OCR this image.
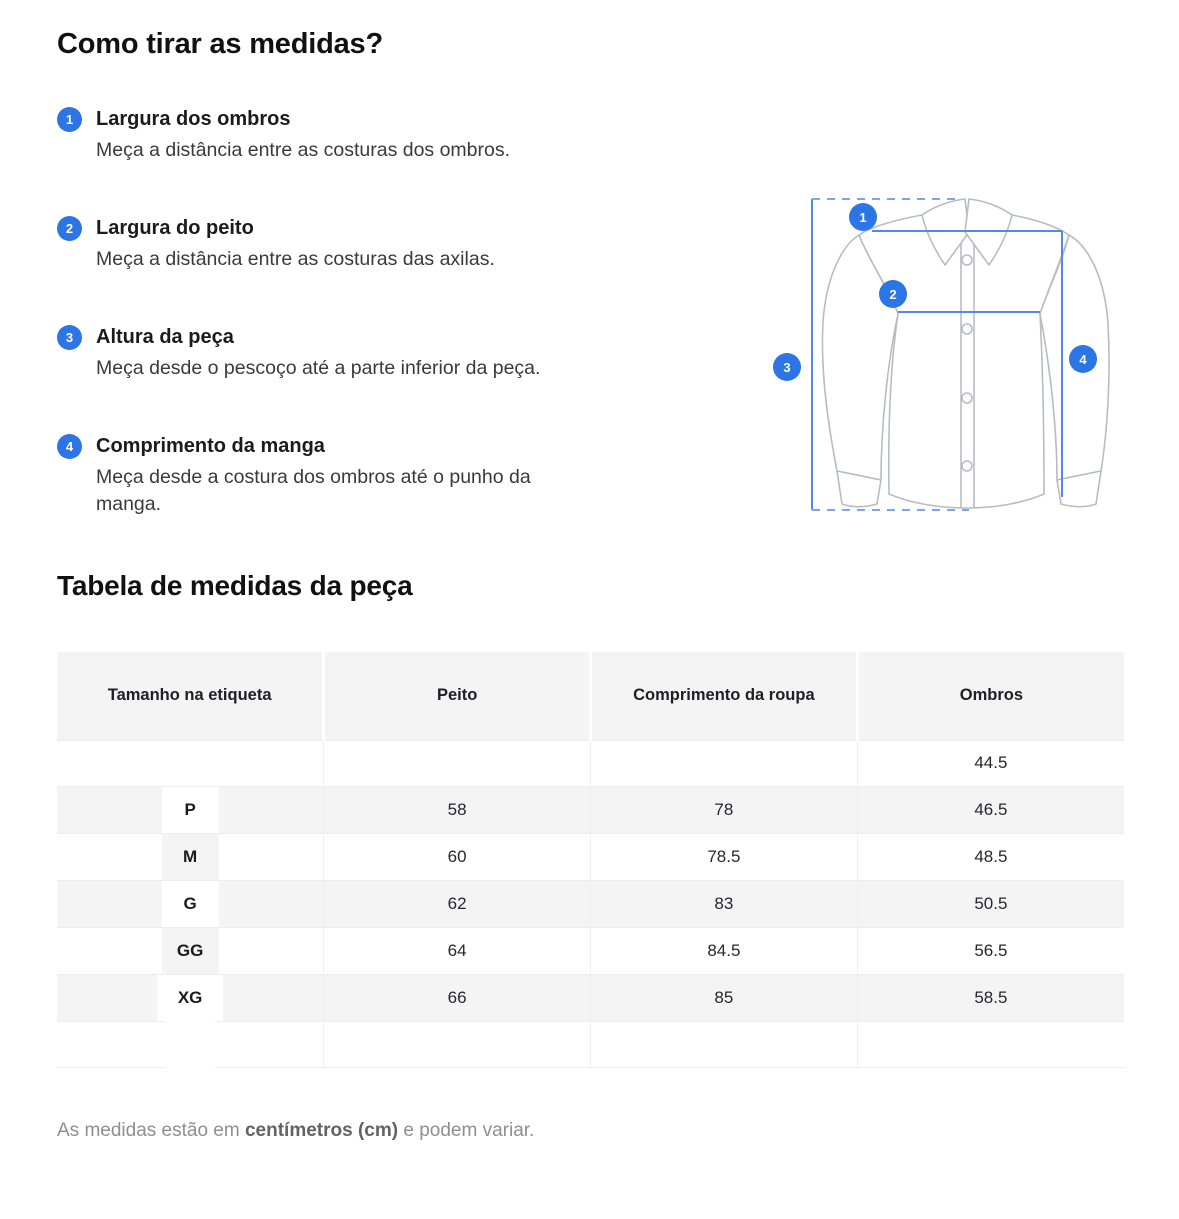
Como tirar as medidas?
1	Largura dos ombros
Meça a distância entre as costuras dos ombros.
2	Largura do peito
Meça a distância entre as costuras das axilas.
3	Altura da peça
Meça desde o pescoço até a parte inferior da peça.
4	Comprimento da manga
Meça desde a costura dos ombros até o punho da manga.
1
2
3
4
Tabela de medidas da peça
Tamanho na etiqueta	Peito	Comprimento da roupa	Ombros
			44.5

P	58	78	46.5

M	60	78.5	48.5

G	62	83	50.5

GG	64	84.5	56.5

XG	66	85	58.5

As medidas estão em centímetros (cm) e podem variar.
